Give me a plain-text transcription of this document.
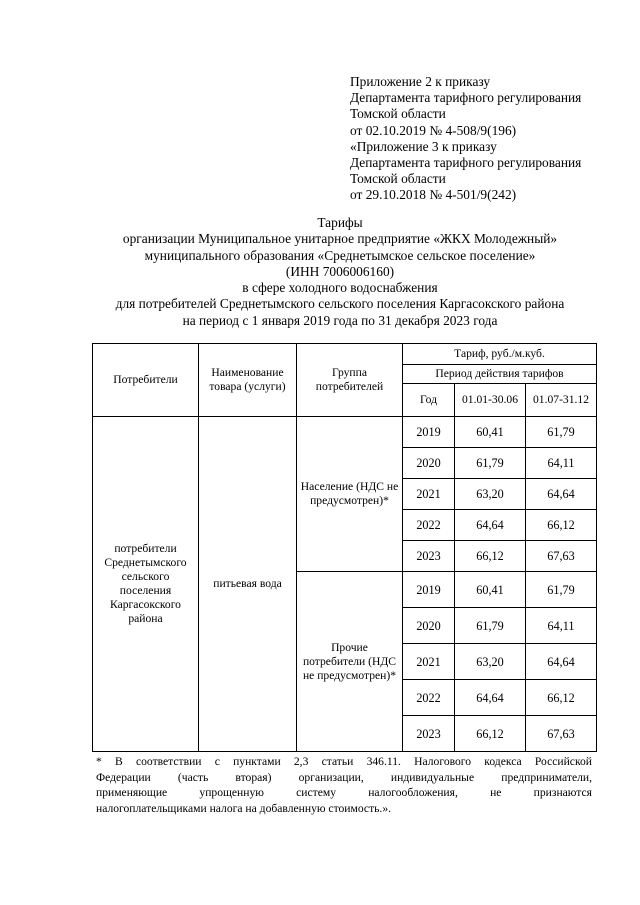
Приложение 2 к приказу
Департамента тарифного регулирования
Томской области
от 02.10.2019 № 4-508/9(196)
«Приложение 3 к приказу
Департамента тарифного регулирования
Томской области
от 29.10.2018 № 4-501/9(242)
Тарифы
организации Муниципальное унитарное предприятие «ЖКХ Молодежный»
муниципального образования «Среднетымское сельское поселение»
(ИНН 7006006160)
в сфере холодного водоснабжения
для потребителей Среднетымского сельского поселения Каргасокского района
на период с 1 января 2019 года по 31 декабря 2023 года
Потребители	Наименование товара (услуги)	Группа потребителей	Тариф, руб./м.куб.		
			Период действия тарифов		
			Год	01.01-30.06	01.07-31.12
потребители Среднетымского сельского поселения Каргасокского района	питьевая вода	Население (НДС не предусмотрен)*	2019	60,41	61,79
			2020	61,79	64,11
			2021	63,20	64,64
			2022	64,64	66,12
			2023	66,12	67,63
		Прочие потребители (НДС не предусмотрен)*	2019	60,41	61,79
			2020	61,79	64,11
			2021	63,20	64,64
			2022	64,64	66,12
			2023	66,12	67,63
* В соответствии с пунктами 2,3 статьи 346.11. Налогового кодекса Российской
Федерации (часть вторая) организации, индивидуальные предприниматели,
применяющие упрощенную систему налогообложения, не признаются
налогоплательщиками налога на добавленную стоимость.».
